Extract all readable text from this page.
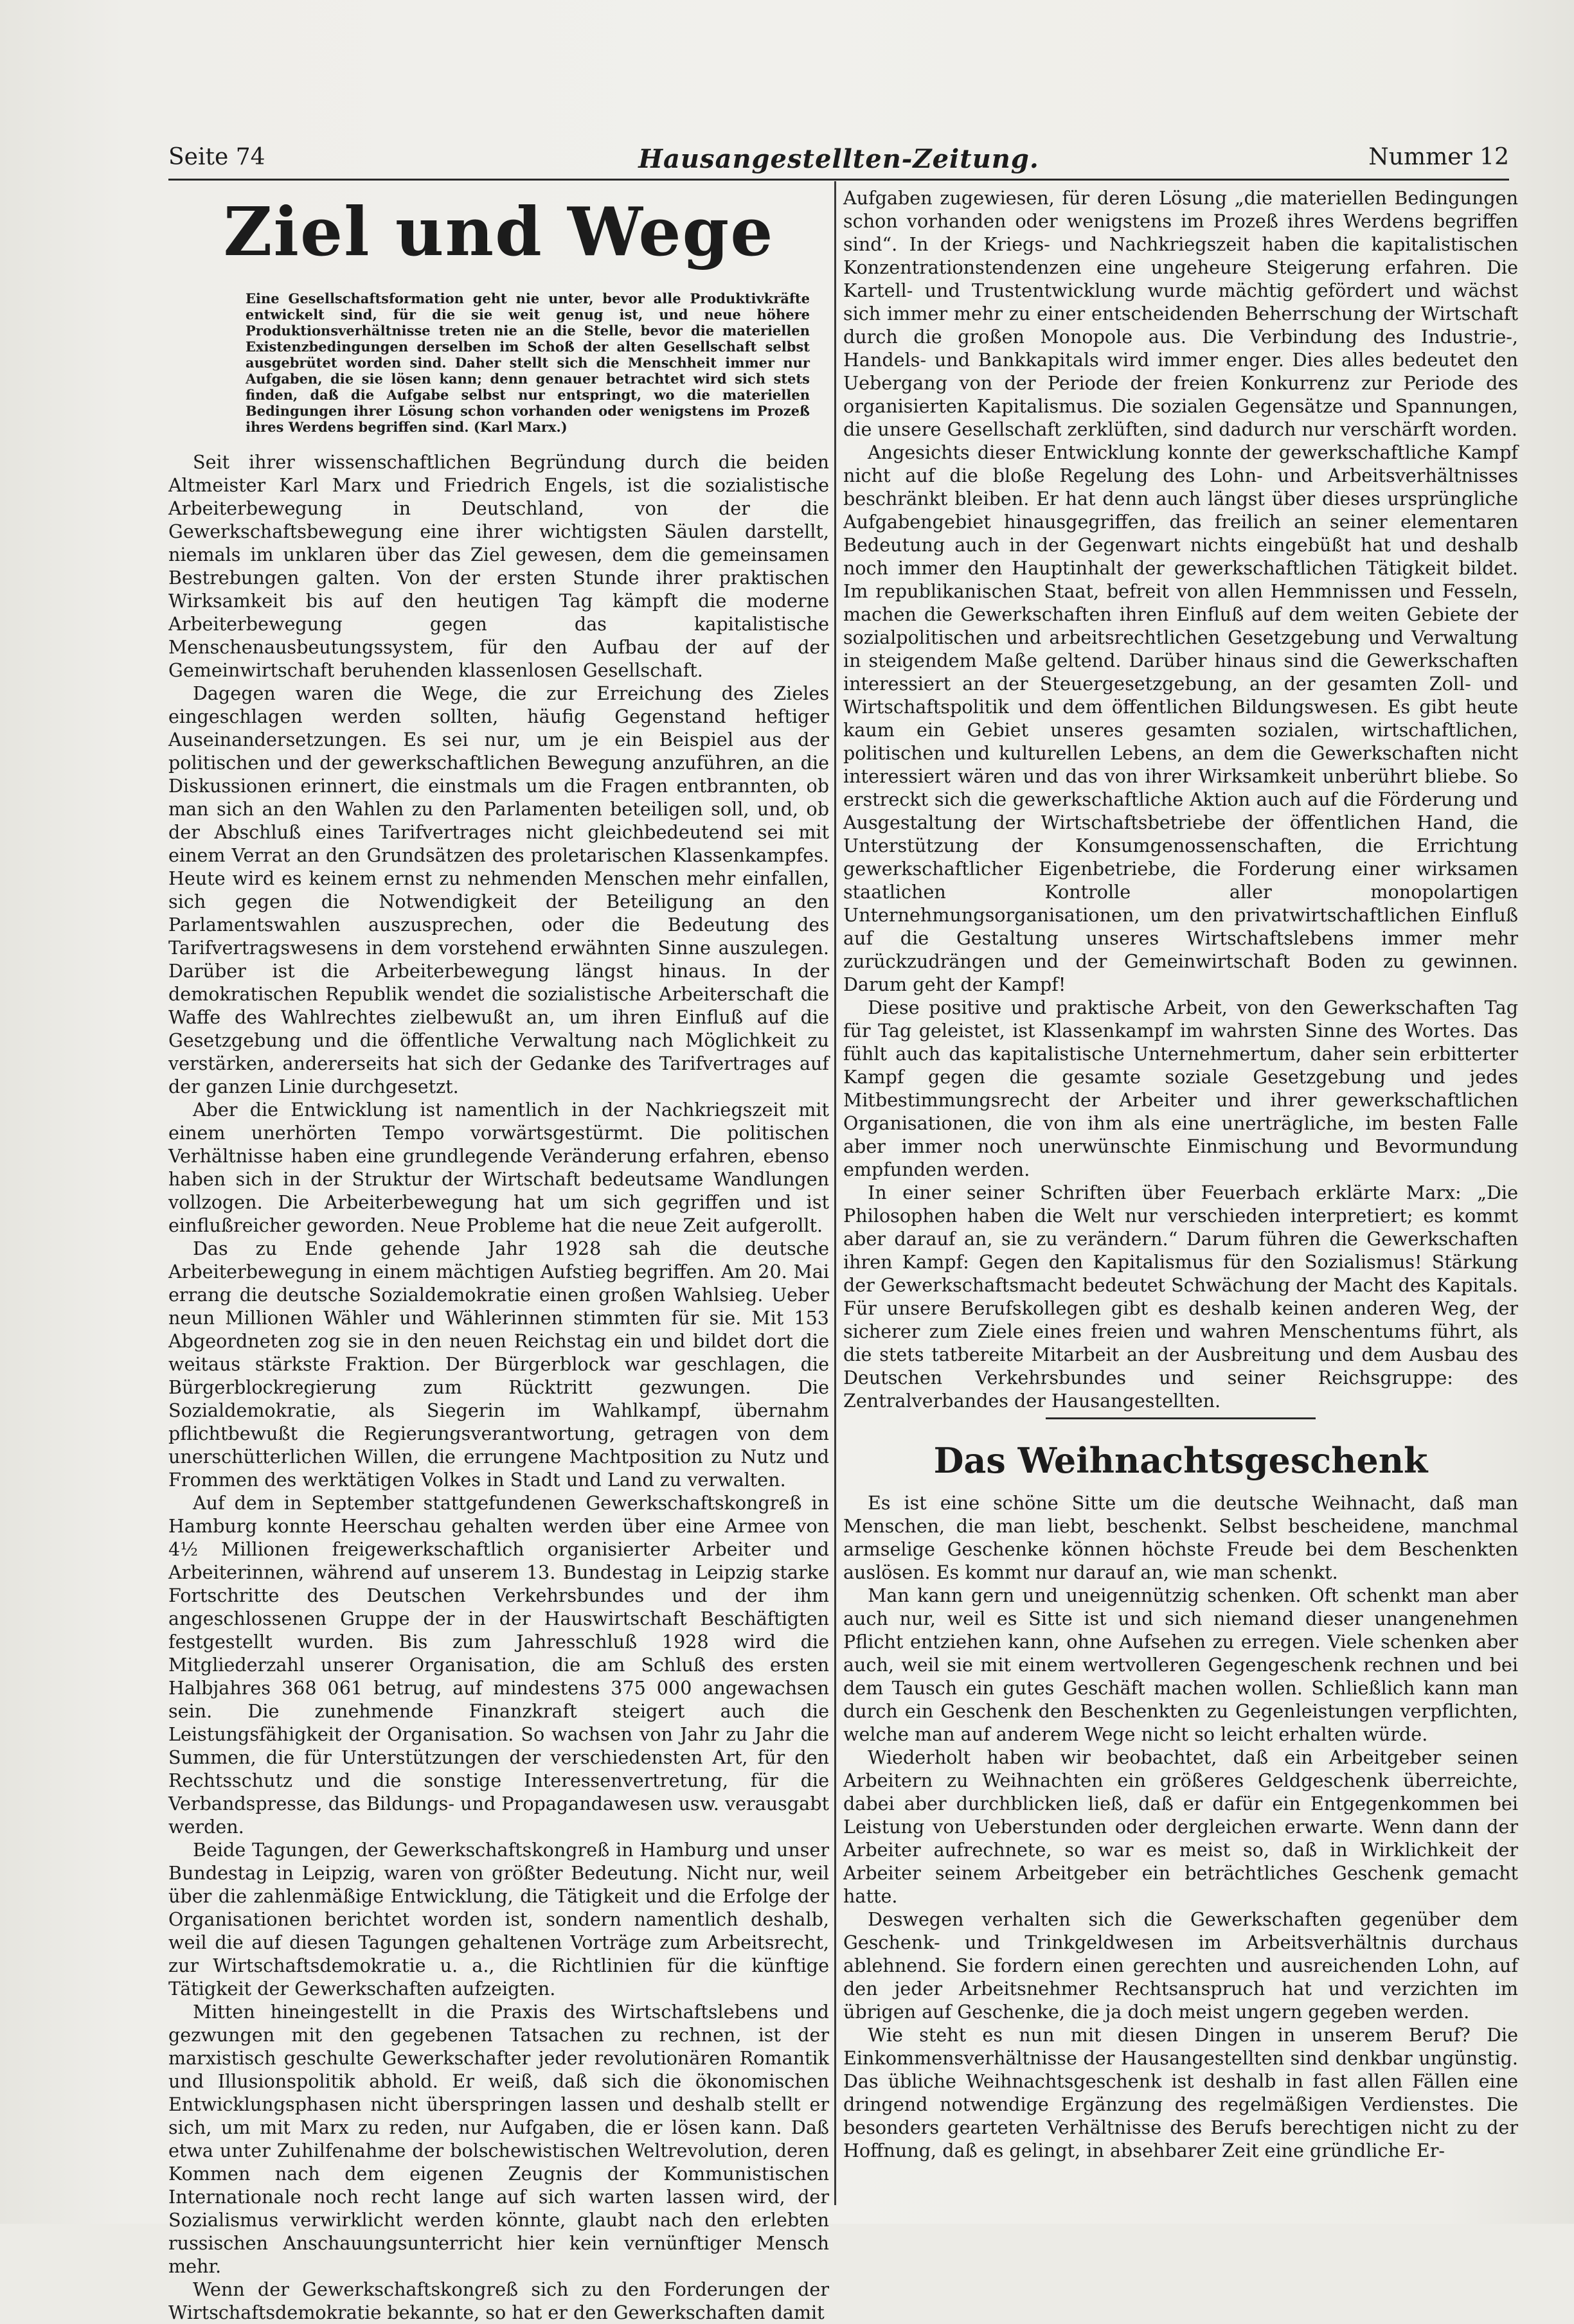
Seite 74	Hausangestellten-Zeitung.	Nummer 12
Ziel und Wege
Eine Gesellschaftsformation geht nie unter, bevor alle Produktivkräfte entwickelt sind, für die sie weit genug ist, und neue höhere Produktionsverhältnisse treten nie an die Stelle, bevor die materiellen Existenzbedingungen derselben im Schoß der alten Gesellschaft selbst ausgebrütet worden sind. Daher stellt sich die Menschheit immer nur Aufgaben, die sie lösen kann; denn genauer betrachtet wird sich stets finden, daß die Aufgabe selbst nur entspringt, wo die materiellen Bedingungen ihrer Lösung schon vorhanden oder wenigstens im Prozeß ihres Werdens begriffen sind. (Karl Marx.)

Seit ihrer wissenschaftlichen Begründung durch die beiden Altmeister Karl Marx und Friedrich Engels, ist die sozialistische Arbeiterbewegung in Deutschland, von der die Gewerkschaftsbewegung eine ihrer wichtigsten Säulen darstellt, niemals im unklaren über das Ziel gewesen, dem die gemeinsamen Bestrebungen galten. Von der ersten Stunde ihrer praktischen Wirksamkeit bis auf den heutigen Tag kämpft die moderne Arbeiterbewegung gegen das kapitalistische Menschenausbeutungssystem, für den Aufbau der auf der Gemeinwirtschaft beruhenden klassenlosen Gesellschaft.

Dagegen waren die Wege, die zur Erreichung des Zieles eingeschlagen werden sollten, häufig Gegenstand heftiger Auseinandersetzungen. Es sei nur, um je ein Beispiel aus der politischen und der gewerkschaftlichen Bewegung anzuführen, an die Diskussionen erinnert, die einstmals um die Fragen entbrannten, ob man sich an den Wahlen zu den Parlamenten beteiligen soll, und, ob der Abschluß eines Tarifvertrages nicht gleichbedeutend sei mit einem Verrat an den Grundsätzen des proletarischen Klassenkampfes. Heute wird es keinem ernst zu nehmenden Menschen mehr einfallen, sich gegen die Notwendigkeit der Beteiligung an den Parlamentswahlen auszusprechen, oder die Bedeutung des Tarifvertragswesens in dem vorstehend erwähnten Sinne auszulegen. Darüber ist die Arbeiterbewegung längst hinaus. In der demokratischen Republik wendet die sozialistische Arbeiterschaft die Waffe des Wahlrechtes zielbewußt an, um ihren Einfluß auf die Gesetzgebung und die öffentliche Verwaltung nach Möglichkeit zu verstärken, andererseits hat sich der Gedanke des Tarifvertrages auf der ganzen Linie durchgesetzt.

Aber die Entwicklung ist namentlich in der Nachkriegszeit mit einem unerhörten Tempo vorwärtsgestürmt. Die politischen Verhältnisse haben eine grundlegende Veränderung erfahren, ebenso haben sich in der Struktur der Wirtschaft bedeutsame Wandlungen vollzogen. Die Arbeiterbewegung hat um sich gegriffen und ist einflußreicher geworden. Neue Probleme hat die neue Zeit aufgerollt.

Das zu Ende gehende Jahr 1928 sah die deutsche Arbeiterbewegung in einem mächtigen Aufstieg begriffen. Am 20. Mai errang die deutsche Sozialdemokratie einen großen Wahlsieg. Ueber neun Millionen Wähler und Wählerinnen stimmten für sie. Mit 153 Abgeordneten zog sie in den neuen Reichstag ein und bildet dort die weitaus stärkste Fraktion. Der Bürgerblock war geschlagen, die Bürgerblockregierung zum Rücktritt gezwungen. Die Sozialdemokratie, als Siegerin im Wahlkampf, übernahm pflichtbewußt die Regierungsverantwortung, getragen von dem unerschütterlichen Willen, die errungene Machtposition zu Nutz und Frommen des werktätigen Volkes in Stadt und Land zu verwalten.

Auf dem in September stattgefundenen Gewerkschaftskongreß in Hamburg konnte Heerschau gehalten werden über eine Armee von 4½ Millionen freigewerkschaftlich organisierter Arbeiter und Arbeiterinnen, während auf unserem 13. Bundestag in Leipzig starke Fortschritte des Deutschen Verkehrsbundes und der ihm angeschlossenen Gruppe der in der Hauswirtschaft Beschäftigten festgestellt wurden. Bis zum Jahresschluß 1928 wird die Mitgliederzahl unserer Organisation, die am Schluß des ersten Halbjahres 368 061 betrug, auf mindestens 375 000 angewachsen sein. Die zunehmende Finanzkraft steigert auch die Leistungsfähigkeit der Organisation. So wachsen von Jahr zu Jahr die Summen, die für Unterstützungen der verschiedensten Art, für den Rechtsschutz und die sonstige Interessenvertretung, für die Verbandspresse, das Bildungs- und Propagandawesen usw. verausgabt werden.

Beide Tagungen, der Gewerkschaftskongreß in Hamburg und unser Bundestag in Leipzig, waren von größter Bedeutung. Nicht nur, weil über die zahlenmäßige Entwicklung, die Tätigkeit und die Erfolge der Organisationen berichtet worden ist, sondern namentlich deshalb, weil die auf diesen Tagungen gehaltenen Vorträge zum Arbeitsrecht, zur Wirtschaftsdemokratie u. a., die Richtlinien für die künftige Tätigkeit der Gewerkschaften aufzeigten.

Mitten hineingestellt in die Praxis des Wirtschaftslebens und gezwungen mit den gegebenen Tatsachen zu rechnen, ist der marxistisch geschulte Gewerkschafter jeder revolutionären Romantik und Illusionspolitik abhold. Er weiß, daß sich die ökonomischen Entwicklungsphasen nicht überspringen lassen und deshalb stellt er sich, um mit Marx zu reden, nur Aufgaben, die er lösen kann. Daß etwa unter Zuhilfenahme der bolschewistischen Weltrevolution, deren Kommen nach dem eigenen Zeugnis der Kommunistischen Internationale noch recht lange auf sich warten lassen wird, der Sozialismus verwirklicht werden könnte, glaubt nach den erlebten russischen Anschauungsunterricht hier kein vernünftiger Mensch mehr.

Wenn der Gewerkschaftskongreß sich zu den Forderungen der Wirtschaftsdemokratie bekannte, so hat er den Gewerkschaften damit

Aufgaben zugewiesen, für deren Lösung „die materiellen Bedingungen schon vorhanden oder wenigstens im Prozeß ihres Werdens begriffen sind“. In der Kriegs- und Nachkriegszeit haben die kapitalistischen Konzentrationstendenzen eine ungeheure Steigerung erfahren. Die Kartell- und Trustentwicklung wurde mächtig gefördert und wächst sich immer mehr zu einer entscheidenden Beherrschung der Wirtschaft durch die großen Monopole aus. Die Verbindung des Industrie-, Handels- und Bankkapitals wird immer enger. Dies alles bedeutet den Uebergang von der Periode der freien Konkurrenz zur Periode des organisierten Kapitalismus. Die sozialen Gegensätze und Spannungen, die unsere Gesellschaft zerklüften, sind dadurch nur verschärft worden.

Angesichts dieser Entwicklung konnte der gewerkschaftliche Kampf nicht auf die bloße Regelung des Lohn- und Arbeitsverhältnisses beschränkt bleiben. Er hat denn auch längst über dieses ursprüngliche Aufgabengebiet hinausgegriffen, das freilich an seiner elementaren Bedeutung auch in der Gegenwart nichts eingebüßt hat und deshalb noch immer den Hauptinhalt der gewerkschaftlichen Tätigkeit bildet. Im republikanischen Staat, befreit von allen Hemmnissen und Fesseln, machen die Gewerkschaften ihren Einfluß auf dem weiten Gebiete der sozialpolitischen und arbeitsrechtlichen Gesetzgebung und Verwaltung in steigendem Maße geltend. Darüber hinaus sind die Gewerkschaften interessiert an der Steuergesetzgebung, an der gesamten Zoll- und Wirtschaftspolitik und dem öffentlichen Bildungswesen. Es gibt heute kaum ein Gebiet unseres gesamten sozialen, wirtschaftlichen, politischen und kulturellen Lebens, an dem die Gewerkschaften nicht interessiert wären und das von ihrer Wirksamkeit unberührt bliebe. So erstreckt sich die gewerkschaftliche Aktion auch auf die Förderung und Ausgestaltung der Wirtschaftsbetriebe der öffentlichen Hand, die Unterstützung der Konsumgenossenschaften, die Errichtung gewerkschaftlicher Eigenbetriebe, die Forderung einer wirksamen staatlichen Kontrolle aller monopolartigen Unternehmungsorganisationen, um den privatwirtschaftlichen Einfluß auf die Gestaltung unseres Wirtschaftslebens immer mehr zurückzudrängen und der Gemeinwirtschaft Boden zu gewinnen. Darum geht der Kampf!

Diese positive und praktische Arbeit, von den Gewerkschaften Tag für Tag geleistet, ist Klassenkampf im wahrsten Sinne des Wortes. Das fühlt auch das kapitalistische Unternehmertum, daher sein erbitterter Kampf gegen die gesamte soziale Gesetzgebung und jedes Mitbestimmungsrecht der Arbeiter und ihrer gewerkschaftlichen Organisationen, die von ihm als eine unerträgliche, im besten Falle aber immer noch unerwünschte Einmischung und Bevormundung empfunden werden.

In einer seiner Schriften über Feuerbach erklärte Marx: „Die Philosophen haben die Welt nur verschieden interpretiert; es kommt aber darauf an, sie zu verändern.“ Darum führen die Gewerkschaften ihren Kampf: Gegen den Kapitalismus für den Sozialismus! Stärkung der Gewerkschaftsmacht bedeutet Schwächung der Macht des Kapitals. Für unsere Berufskollegen gibt es deshalb keinen anderen Weg, der sicherer zum Ziele eines freien und wahren Menschentums führt, als die stets tatbereite Mitarbeit an der Ausbreitung und dem Ausbau des Deutschen Verkehrsbundes und seiner Reichsgruppe: des Zentralverbandes der Hausangestellten.

Das Weihnachtsgeschenk

Es ist eine schöne Sitte um die deutsche Weihnacht, daß man Menschen, die man liebt, beschenkt. Selbst bescheidene, manchmal armselige Geschenke können höchste Freude bei dem Beschenkten auslösen. Es kommt nur darauf an, wie man schenkt.

Man kann gern und uneigennützig schenken. Oft schenkt man aber auch nur, weil es Sitte ist und sich niemand dieser unangenehmen Pflicht entziehen kann, ohne Aufsehen zu erregen. Viele schenken aber auch, weil sie mit einem wertvolleren Gegengeschenk rechnen und bei dem Tausch ein gutes Geschäft machen wollen. Schließlich kann man durch ein Geschenk den Beschenkten zu Gegenleistungen verpflichten, welche man auf anderem Wege nicht so leicht erhalten würde.

Wiederholt haben wir beobachtet, daß ein Arbeitgeber seinen Arbeitern zu Weihnachten ein größeres Geldgeschenk überreichte, dabei aber durchblicken ließ, daß er dafür ein Entgegenkommen bei Leistung von Ueberstunden oder dergleichen erwarte. Wenn dann der Arbeiter aufrechnete, so war es meist so, daß in Wirklichkeit der Arbeiter seinem Arbeitgeber ein beträchtliches Geschenk gemacht hatte.

Deswegen verhalten sich die Gewerkschaften gegenüber dem Geschenk- und Trinkgeldwesen im Arbeitsverhältnis durchaus ablehnend. Sie fordern einen gerechten und ausreichenden Lohn, auf den jeder Arbeitsnehmer Rechtsanspruch hat und verzichten im übrigen auf Geschenke, die ja doch meist ungern gegeben werden.

Wie steht es nun mit diesen Dingen in unserem Beruf? Die Einkommensverhältnisse der Hausangestellten sind denkbar ungünstig. Das übliche Weihnachtsgeschenk ist deshalb in fast allen Fällen eine dringend notwendige Ergänzung des regelmäßigen Verdienstes. Die besonders gearteten Verhältnisse des Berufs berechtigen nicht zu der Hoffnung, daß es gelingt, in absehbarer Zeit eine gründliche Er-
